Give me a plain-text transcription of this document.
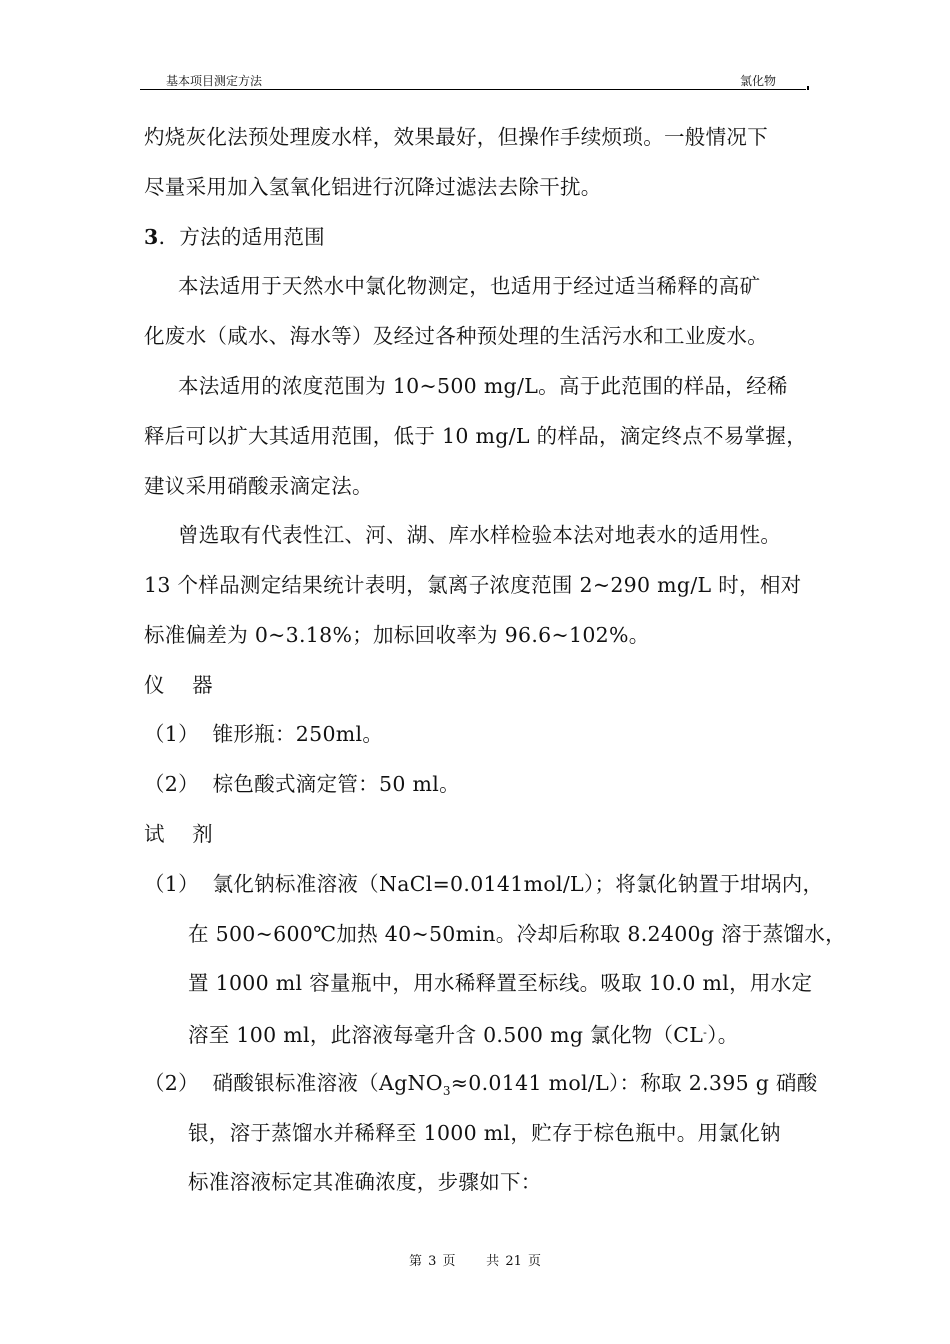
基本项目测定方法	氯化物
灼烧灰化法预处理废水样，效果最好，但操作手续烦琐。一般情况下
尽量采用加入氢氧化铝进行沉降过滤法去除干扰。
3．方法的适用范围
本法适用于天然水中氯化物测定，也适用于经过适当稀释的高矿
化废水（咸水、海水等）及经过各种预处理的生活污水和工业废水。
本法适用的浓度范围为 10~500 mg/L。高于此范围的样品，经稀
释后可以扩大其适用范围，低于 10 mg/L 的样品，滴定终点不易掌握，
建议采用硝酸汞滴定法。
曾选取有代表性江、河、湖、库水样检验本法对地表水的适用性。
13 个样品测定结果统计表明，氯离子浓度范围 2~290 mg/L 时，相对
标准偏差为 0~3.18%；加标回收率为 96.6~102%。
仪    器
（1）  锥形瓶：250ml。
（2）  棕色酸式滴定管：50 ml。
试    剂
（1）  氯化钠标准溶液（NaCl=0.0141mol/L）；将氯化钠置于坩埚内，
在 500~600℃加热 40~50min。冷却后称取 8.2400g 溶于蒸馏水，
置 1000 ml 容量瓶中，用水稀释置至标线。吸取 10.0 ml，用水定
溶至 100 ml，此溶液每毫升含 0.500 mg 氯化物（CL-）。
（2）  硝酸银标准溶液（AgNO$_3$≈0.0141 mol/L）：称取 2.395 g 硝酸
银，溶于蒸馏水并稀释至 1000 ml，贮存于棕色瓶中。用氯化钠
标准溶液标定其准确浓度，步骤如下：
第 3 页     共 21 页
